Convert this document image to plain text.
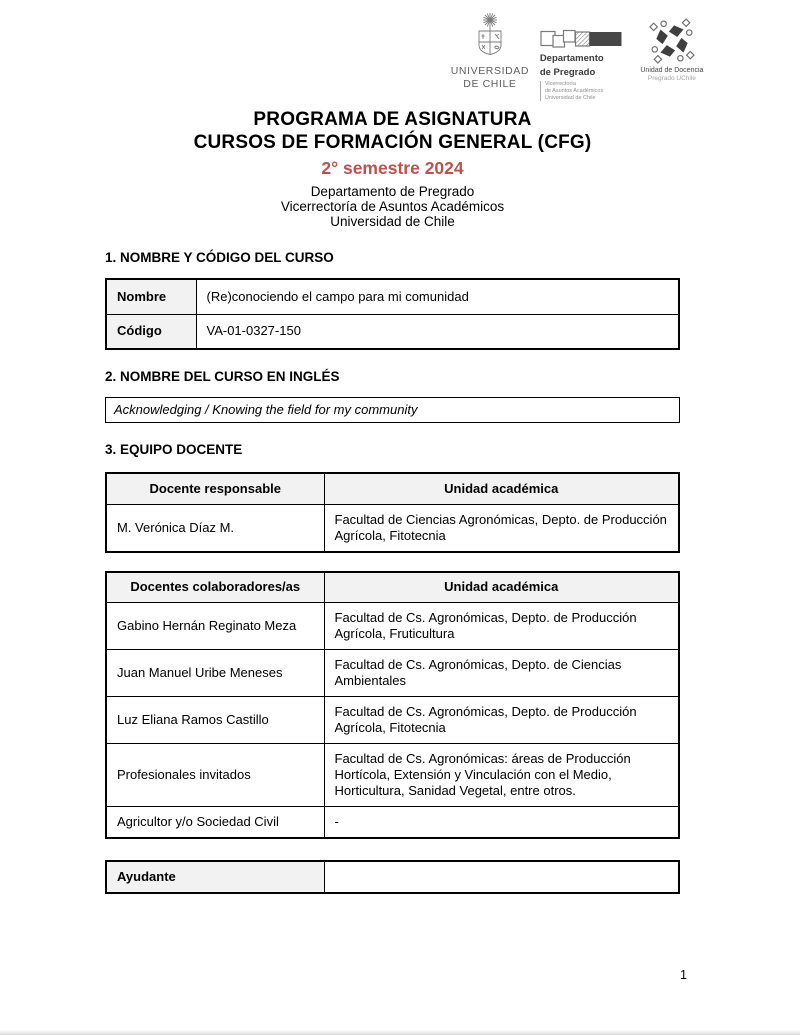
UNIVERSIDAD
DE CHILE
Departamento
de Pregrado
Vicerrectoría
de Asuntos Académicos
Universidad de Chile
Unidad de Docencia
Pregrado UChile
PROGRAMA DE ASIGNATURA
CURSOS DE FORMACIÓN GENERAL (CFG)
2° semestre 2024
Departamento de Pregrado
Vicerrectoría de Asuntos Académicos
Universidad de Chile
1. NOMBRE Y CÓDIGO DEL CURSO
Nombre	(Re)conociendo el campo para mi comunidad
Código	VA-01-0327-150
2. NOMBRE DEL CURSO EN INGLÉS
Acknowledging / Knowing the field for my community
3. EQUIPO DOCENTE
Docente responsable	Unidad académica
M. Verónica Díaz M.	Facultad de Ciencias Agronómicas, Depto. de Producción Agrícola, Fitotecnia
Docentes colaboradores/as	Unidad académica
Gabino Hernán Reginato Meza	Facultad de Cs. Agronómicas, Depto. de Producción Agrícola, Fruticultura
Juan Manuel Uribe Meneses	Facultad de Cs. Agronómicas, Depto. de Ciencias Ambientales
Luz Eliana Ramos Castillo	Facultad de Cs. Agronómicas, Depto. de Producción Agrícola, Fitotecnia
Profesionales invitados	Facultad de Cs. Agronómicas: áreas de Producción Hortícola, Extensión y Vinculación con el Medio, Horticultura, Sanidad Vegetal, entre otros.
Agricultor y/o Sociedad Civil	-
Ayudante	
1
